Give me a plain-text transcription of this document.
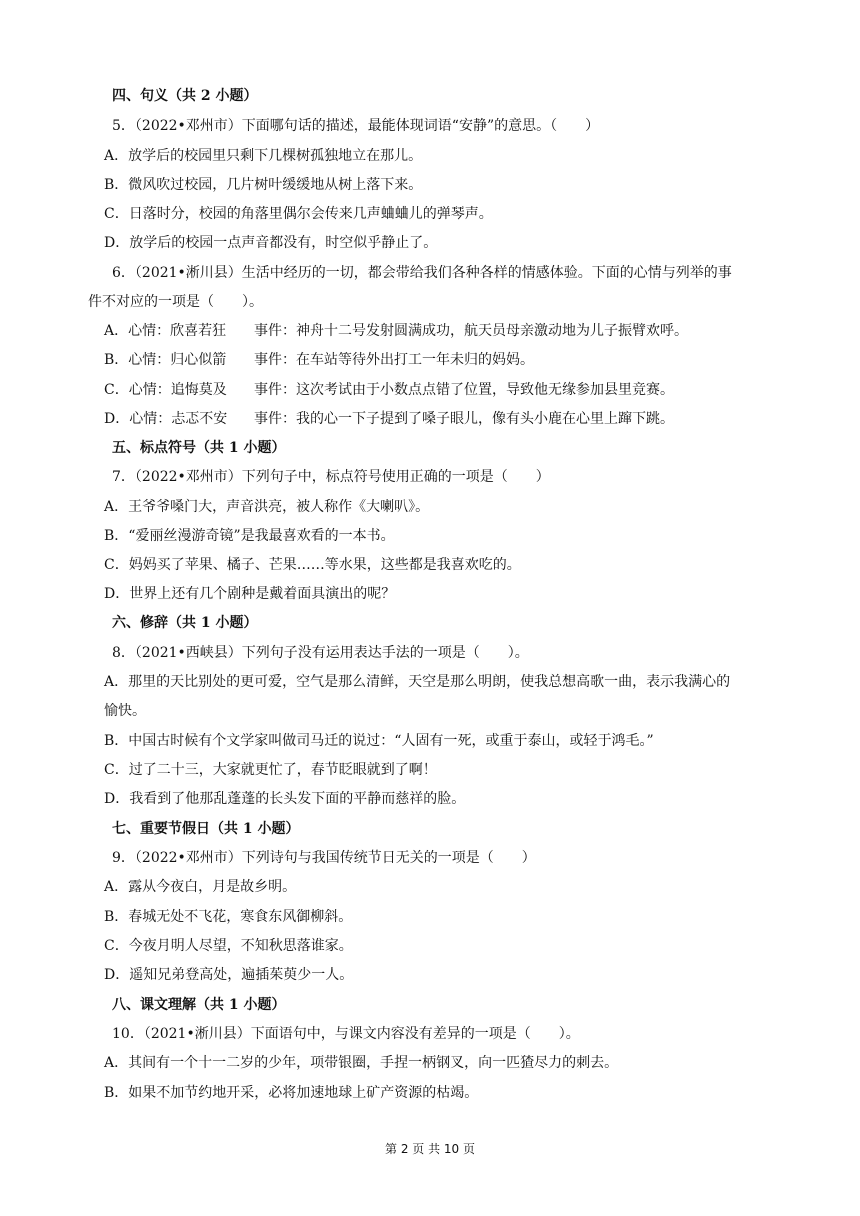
四、句义（共 2 小题）
5．（2022•邓州市）下面哪句话的描述，最能体现词语“安静”的意思。（　　）
A．放学后的校园里只剩下几棵树孤独地立在那儿。
B．微风吹过校园，几片树叶缓缓地从树上落下来。
C．日落时分，校园的角落里偶尔会传来几声蛐蛐儿的弹琴声。
D．放学后的校园一点声音都没有，时空似乎静止了。
6．（2021•淅川县）生活中经历的一切，都会带给我们各种各样的情感体验。下面的心情与列举的事
件不对应的一项是（　　）。
A．心情：欣喜若狂 事件：神舟十二号发射圆满成功，航天员母亲激动地为儿子振臂欢呼。
B．心情：归心似箭 事件：在车站等待外出打工一年未归的妈妈。
C．心情：追悔莫及 事件：这次考试由于小数点点错了位置，导致他无缘参加县里竞赛。
D．心情：忐忑不安 事件：我的心一下子提到了嗓子眼儿，像有头小鹿在心里上蹿下跳。
五、标点符号（共 1 小题）
7．（2022•邓州市）下列句子中，标点符号使用正确的一项是（　　）
A．王爷爷嗓门大，声音洪亮，被人称作《大喇叭》。
B．“爱丽丝漫游奇镜”是我最喜欢看的一本书。
C．妈妈买了苹果、橘子、芒果……等水果，这些都是我喜欢吃的。
D．世界上还有几个剧种是戴着面具演出的呢？
六、修辞（共 1 小题）
8．（2021•西峡县）下列句子没有运用表达手法的一项是（　　）。
A．那里的天比别处的更可爱，空气是那么清鲜，天空是那么明朗，使我总想高歌一曲，表示我满心的
愉快。
B．中国古时候有个文学家叫做司马迁的说过：“人固有一死，或重于泰山，或轻于鸿毛。”
C．过了二十三，大家就更忙了，春节眨眼就到了啊！
D．我看到了他那乱蓬蓬的长头发下面的平静而慈祥的脸。
七、重要节假日（共 1 小题）
9．（2022•邓州市）下列诗句与我国传统节日无关的一项是（　　）
A．露从今夜白，月是故乡明。
B．春城无处不飞花，寒食东风御柳斜。
C．今夜月明人尽望，不知秋思落谁家。
D．遥知兄弟登高处，遍插茱萸少一人。
八、课文理解（共 1 小题）
10．（2021•淅川县）下面语句中，与课文内容没有差异的一项是（　　）。
A．其间有一个十一二岁的少年，项带银圈，手捏一柄钢叉，向一匹猹尽力的刺去。
B．如果不加节约地开采，必将加速地球上矿产资源的枯竭。
第 2 页 共 10 页
